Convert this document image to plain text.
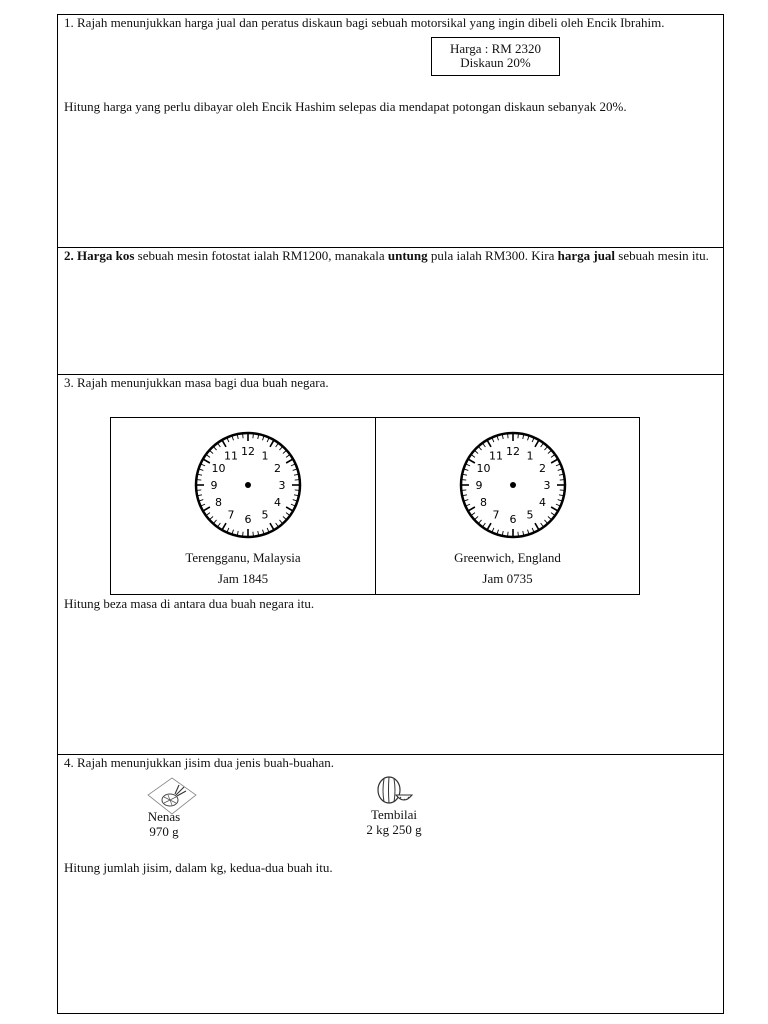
1. Rajah menunjukkan harga jual dan peratus diskaun bagi sebuah motorsikal yang ingin dibeli oleh Encik Ibrahim.
Harga : RM 2320
Diskaun 20%
Hitung harga yang perlu dibayar oleh Encik Hashim selepas dia mendapat potongan diskaun sebanyak 20%.
2. Harga kos sebuah mesin fotostat ialah RM1200, manakala untung pula ialah RM300. Kira harga jual sebuah mesin itu.
3. Rajah menunjukkan masa bagi dua buah negara.
12 1
2
3
4
5
6
7
8
9
10
11
Terengganu, Malaysia
Jam 1845
12 1
2
3
4
5
6
7
8
9
10
11
Greenwich, England
Jam 0735
Hitung beza masa di antara dua buah negara itu.
4. Rajah menunjukkan jisim dua jenis buah-buahan.
Nenas
970 g
Tembilai
2 kg 250 g
Hitung jumlah jisim, dalam kg, kedua-dua buah itu.
